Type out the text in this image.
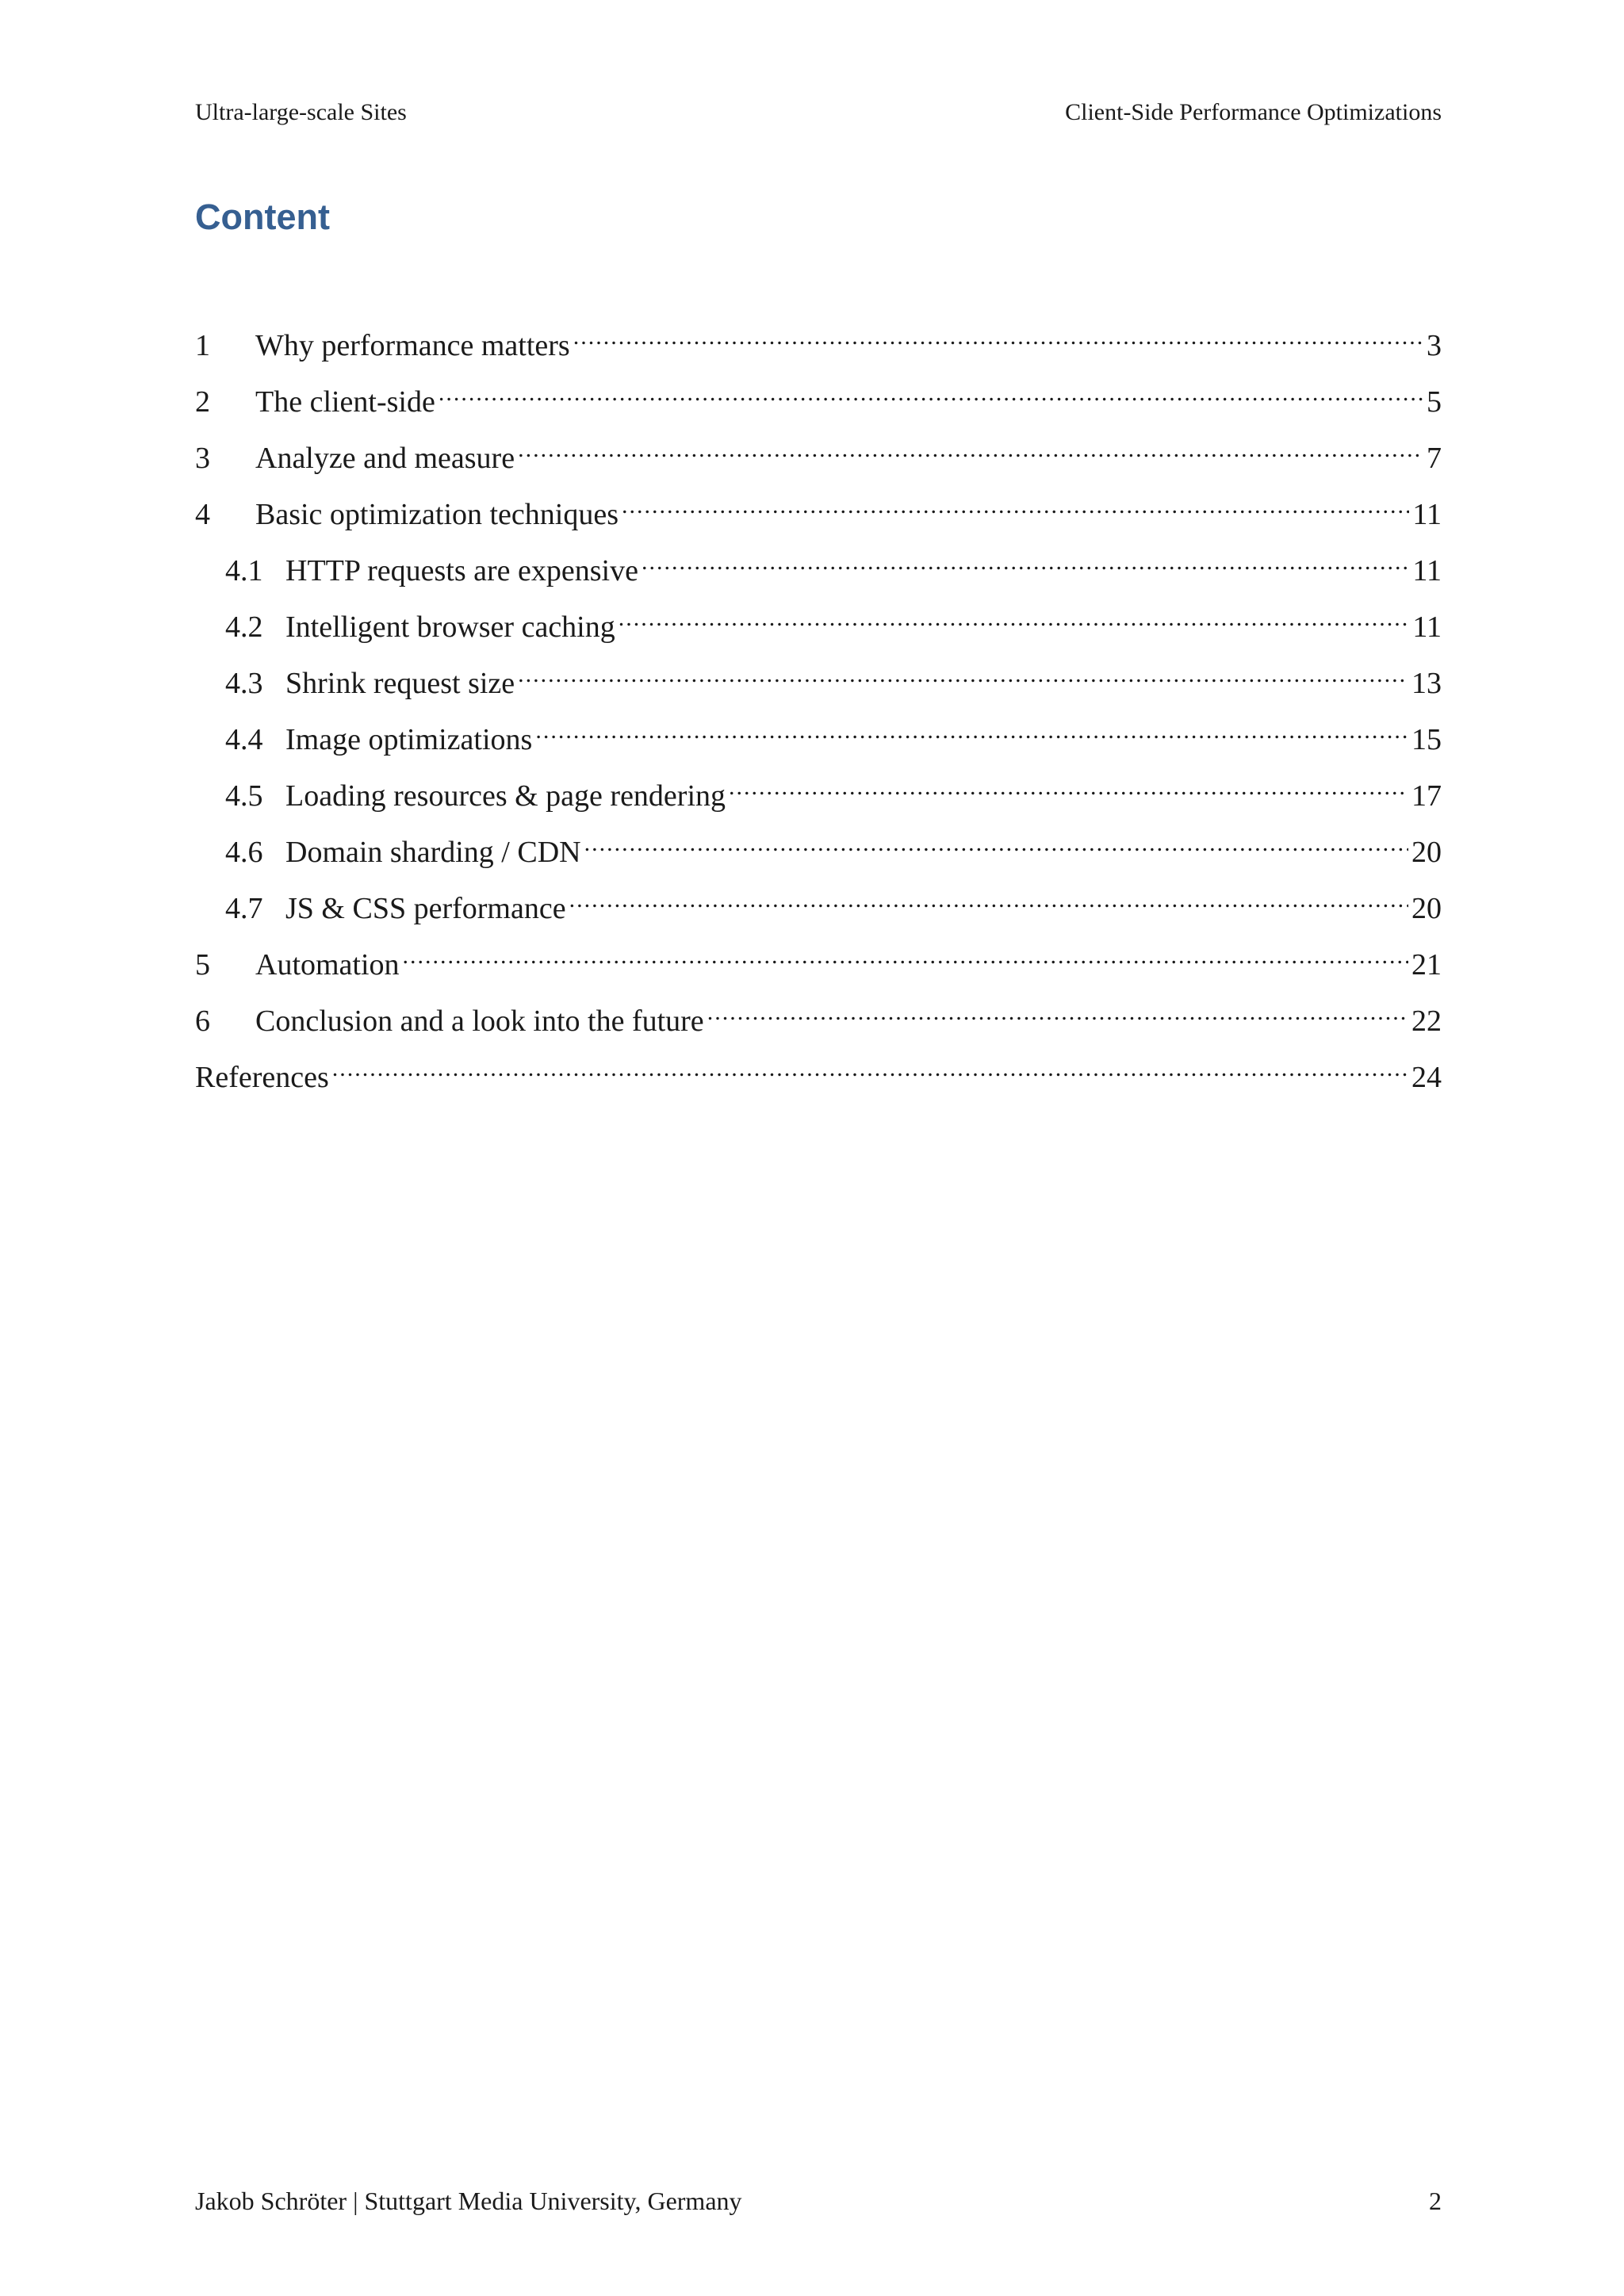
Ultra-large-scale Sites	Client-Side Performance Optimizations
Content
1	Why performance matters .....	3
2	The client-side .....	5
3	Analyze and measure .....	7
4	Basic optimization techniques .....	11
4.1 HTTP requests are expensive .....	11
4.2 Intelligent browser caching .....	11
4.3 Shrink request size .....	13
4.4 Image optimizations .....	15
4.5 Loading resources & page rendering .....	17
4.6 Domain sharding / CDN .....	20
4.7 JS & CSS performance .....	20
5	Automation .....	21
6	Conclusion and a look into the future .....	22
References .....	24
Jakob Schröter | Stuttgart Media University, Germany	2
